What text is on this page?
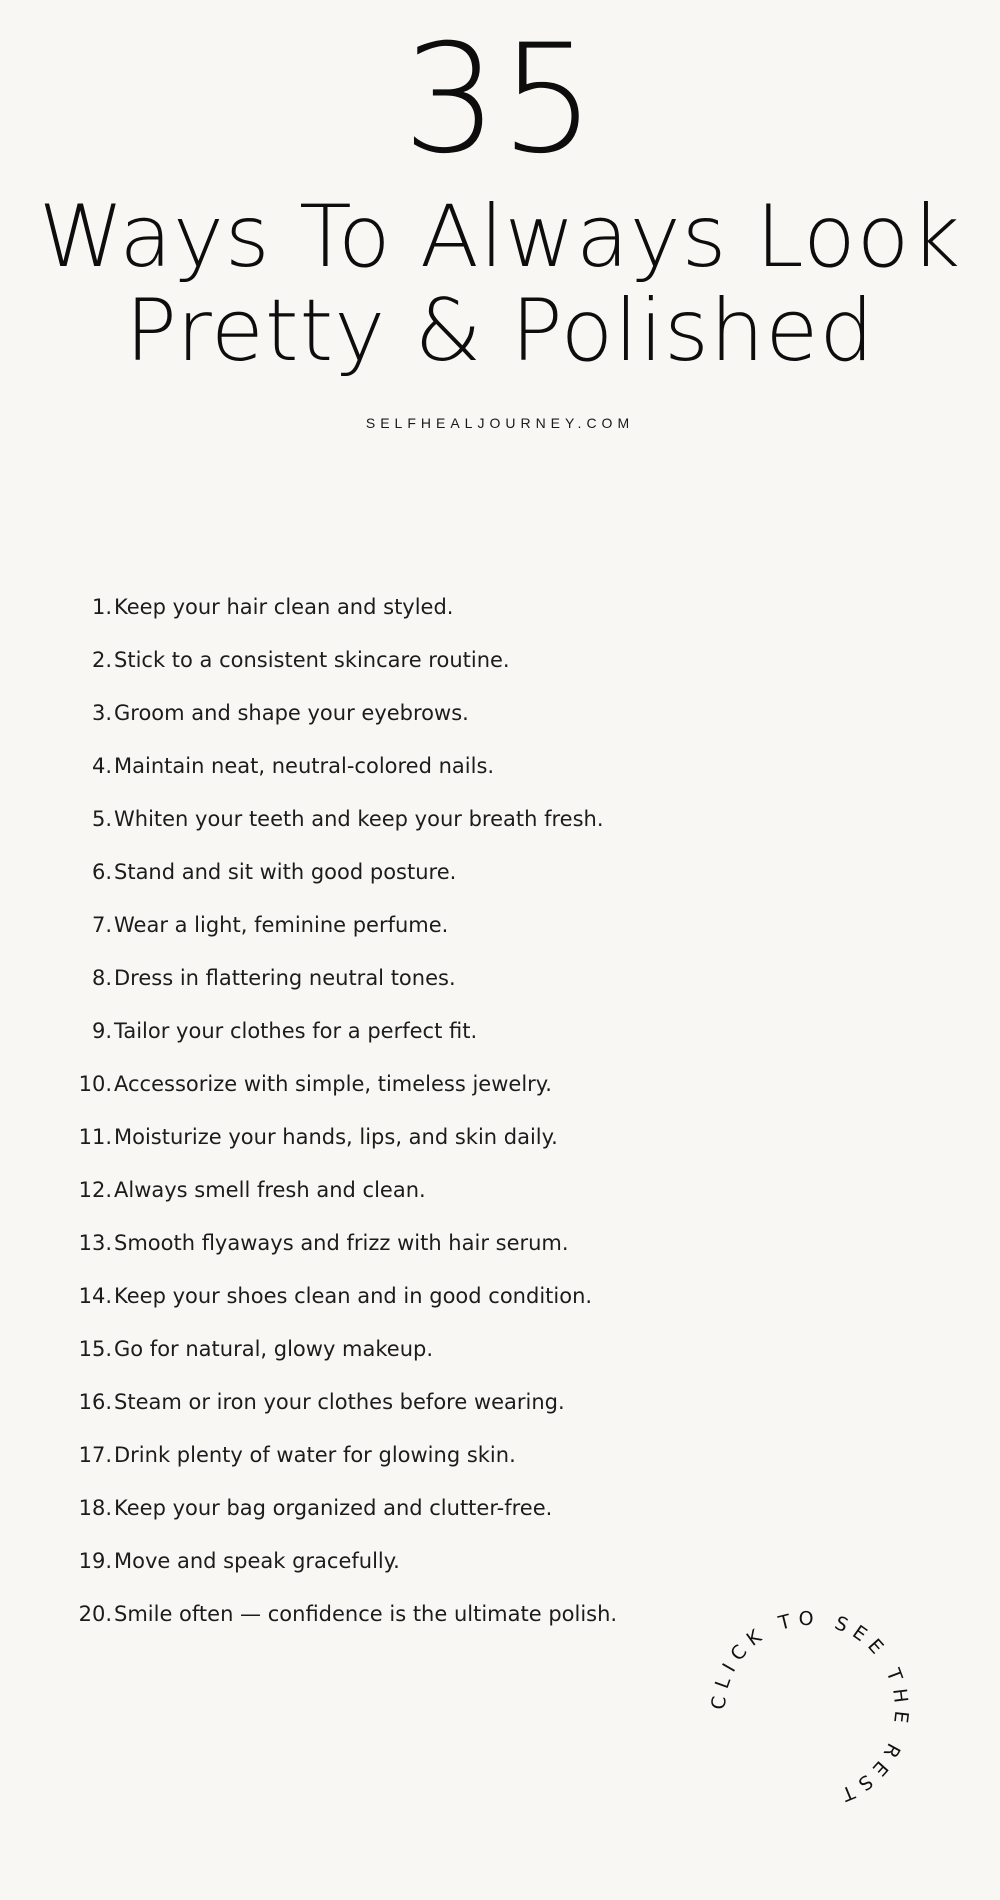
35
Ways To Always Look
Pretty & Polished
SELFHEALJOURNEY.COM
1. Keep your hair clean and styled.
2. Stick to a consistent skincare routine.
3. Groom and shape your eyebrows.
4. Maintain neat, neutral-colored nails.
5. Whiten your teeth and keep your breath fresh.
6. Stand and sit with good posture.
7. Wear a light, feminine perfume.
8. Dress in flattering neutral tones.
9. Tailor your clothes for a perfect fit.
10. Accessorize with simple, timeless jewelry.
11. Moisturize your hands, lips, and skin daily.
12. Always smell fresh and clean.
13. Smooth flyaways and frizz with hair serum.
14. Keep your shoes clean and in good condition.
15. Go for natural, glowy makeup.
16. Steam or iron your clothes before wearing.
17. Drink plenty of water for glowing skin.
18. Keep your bag organized and clutter-free.
19. Move and speak gracefully.
20. Smile often — confidence is the ultimate polish.
CLICK TO SEE THE REST
